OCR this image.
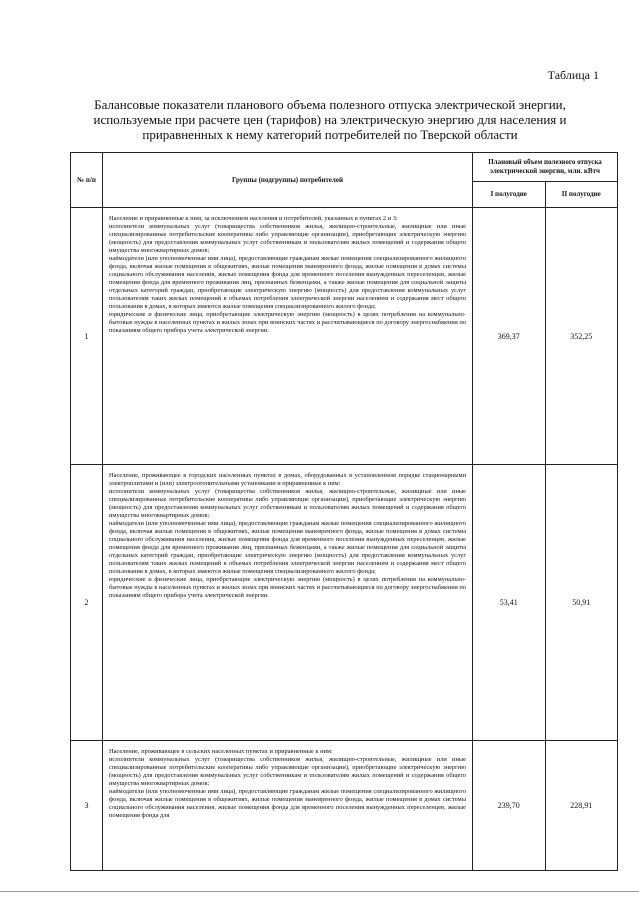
Таблица 1
Балансовые показатели планового объема полезного отпуска электрической энергии, используемые при расчете цен (тарифов) на электрическую энергию для населения и приравненных к нему категорий потребителей по Тверской области
№ п/п	Группы (подгруппы) потребителей	Плановый объем полезного отпуска электрической энергии, млн. кВтч	
		I полугодие	II полугодие
1	Население и приравненные к ним, за исключением населения и потребителей, указанных в пунктах 2 и 3:

исполнители коммунальных услуг (товарищества собственников жилья, жилищно-строительные, жилищные или иные специализированные потребительские кооперативы либо управляющие организации), приобретающие электрическую энергию (мощность) для предоставления коммунальных услуг собственникам и пользователям жилых помещений и содержания общего имущества многоквартирных домов;

наймодатели (или уполномоченные ими лица), предоставляющие гражданам жилые помещения специализированного жилищного фонда, включая жилые помещения в общежитиях, жилые помещения маневренного фонда, жилые помещения в домах системы социального обслуживания населения, жилые помещения фонда для временного поселения вынужденных переселенцев, жилые помещения фонда для временного проживания лиц, признанных беженцами, а также жилые помещения для социальной защиты отдельных категорий граждан, приобретающие электрическую энергию (мощность) для предоставления коммунальных услуг пользователям таких жилых помещений в объемах потребления электрической энергии населением и содержания мест общего пользования в домах, в которых имеются жилые помещения специализированного жилого фонда;

юридические и физические лица, приобретающие электрическую энергию (мощность) в целях потребления на коммунально-бытовые нужды в населенных пунктах и жилых зонах при воинских частях и рассчитывающиеся по договору энергоснабжения по показаниям общего прибора учета электрической энергии.	369,37	352,25
2	Население, проживающее в городских населенных пунктах в домах, оборудованных в установленном порядке стационарными электроплитами и (или) электроотопительными установками и приравненные к ним:

исполнители коммунальных услуг (товарищества собственников жилья, жилищно-строительные, жилищные или иные специализированные потребительские кооперативы либо управляющие организации), приобретающие электрическую энергию (мощность) для предоставления коммунальных услуг собственникам и пользователям жилых помещений и содержания общего имущества многоквартирных домов;

наймодатели (или уполномоченные ими лица), предоставляющие гражданам жилые помещения специализированного жилищного фонда, включая жилые помещения в общежитиях, жилые помещения маневренного фонда, жилые помещения в домах системы социального обслуживания населения, жилые помещения фонда для временного поселения вынужденных переселенцев, жилые помещения фонда для временного проживания лиц, признанных беженцами, а также жилые помещения для социальной защиты отдельных категорий граждан, приобретающие электрическую энергию (мощность) для предоставления коммунальных услуг пользователям таких жилых помещений в объемах потребления электрической энергии населением и содержания мест общего пользования в домах, в которых имеются жилые помещения специализированного жилого фонда;

юридические и физические лица, приобретающие электрическую энергию (мощность) в целях потребления на коммунально-бытовые нужды в населенных пунктах и жилых зонах при воинских частях и рассчитывающиеся по договору энергоснабжения по показаниям общего прибора учета электрической энергии.	53,41	50,91
3	Население, проживающее в сельских населенных пунктах и приравненные к ним:

исполнители коммунальных услуг (товарищества собственников жилья, жилищно-строительные, жилищные или иные специализированные потребительские кооперативы либо управляющие организации), приобретающие электрическую энергию (мощность) для предоставления коммунальных услуг собственникам и пользователям жилых помещений и содержания общего имущества многоквартирных домов;

наймодатели (или уполномоченные ими лица), предоставляющие гражданам жилые помещения специализированного жилищного фонда, включая жилые помещения в общежитиях, жилые помещения маневренного фонда, жилые помещения в домах системы социального обслуживания населения, жилые помещения фонда для временного поселения вынужденных переселенцев, жилые помещения фонда для	239,70	228,91
